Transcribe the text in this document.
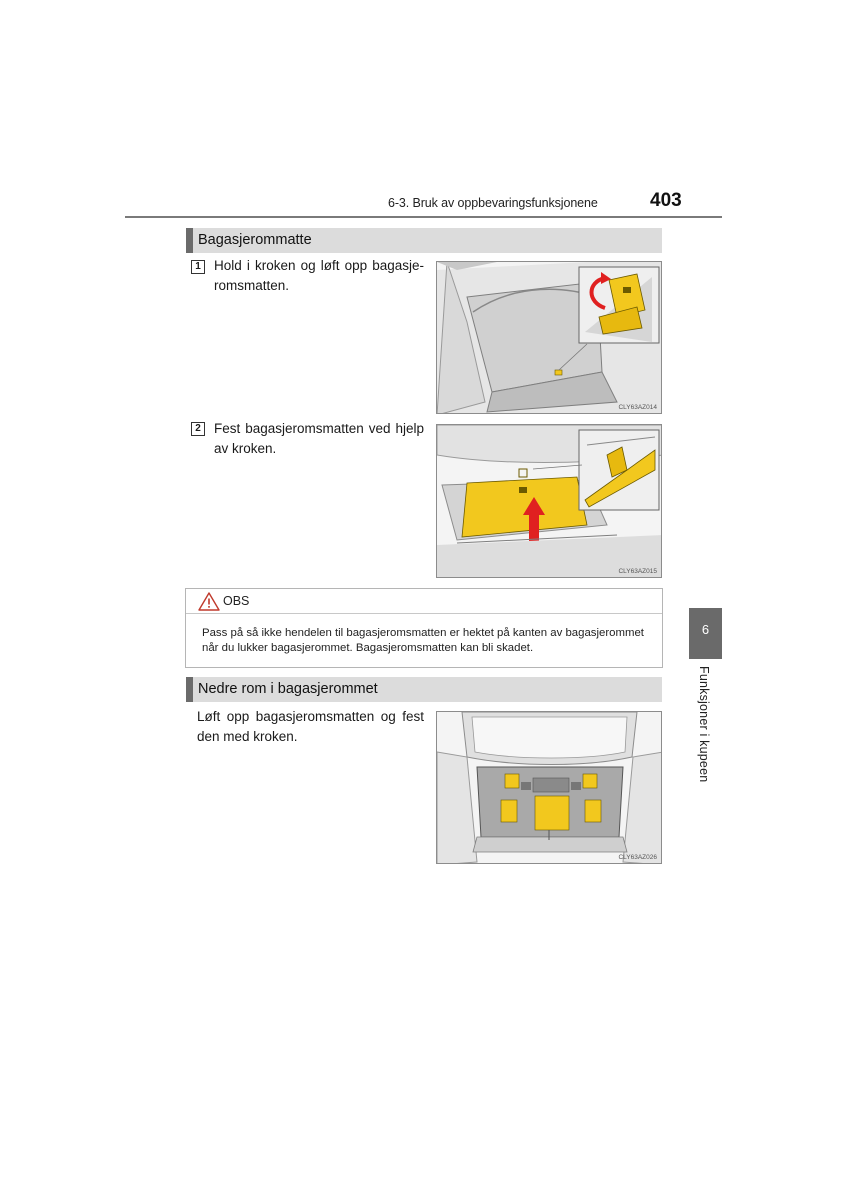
6-3. Bruk av oppbevaringsfunksjonene	403
Bagasjerommatte
1 Hold i kroken og løft opp bagasje-romsmatten.
CLY63AZ014
2 Fest bagasjeromsmatten ved hjelp av kroken.
CLY63AZ015
OBS
Pass på så ikke hendelen til bagasjeromsmatten er hektet på kanten av bagasjerommet når du lukker bagasjerommet. Bagasjeromsmatten kan bli skadet.
Nedre rom i bagasjerommet
Løft opp bagasjeromsmatten og fest den med kroken.
CLY63AZ026
6
Funksjoner i kupeen
